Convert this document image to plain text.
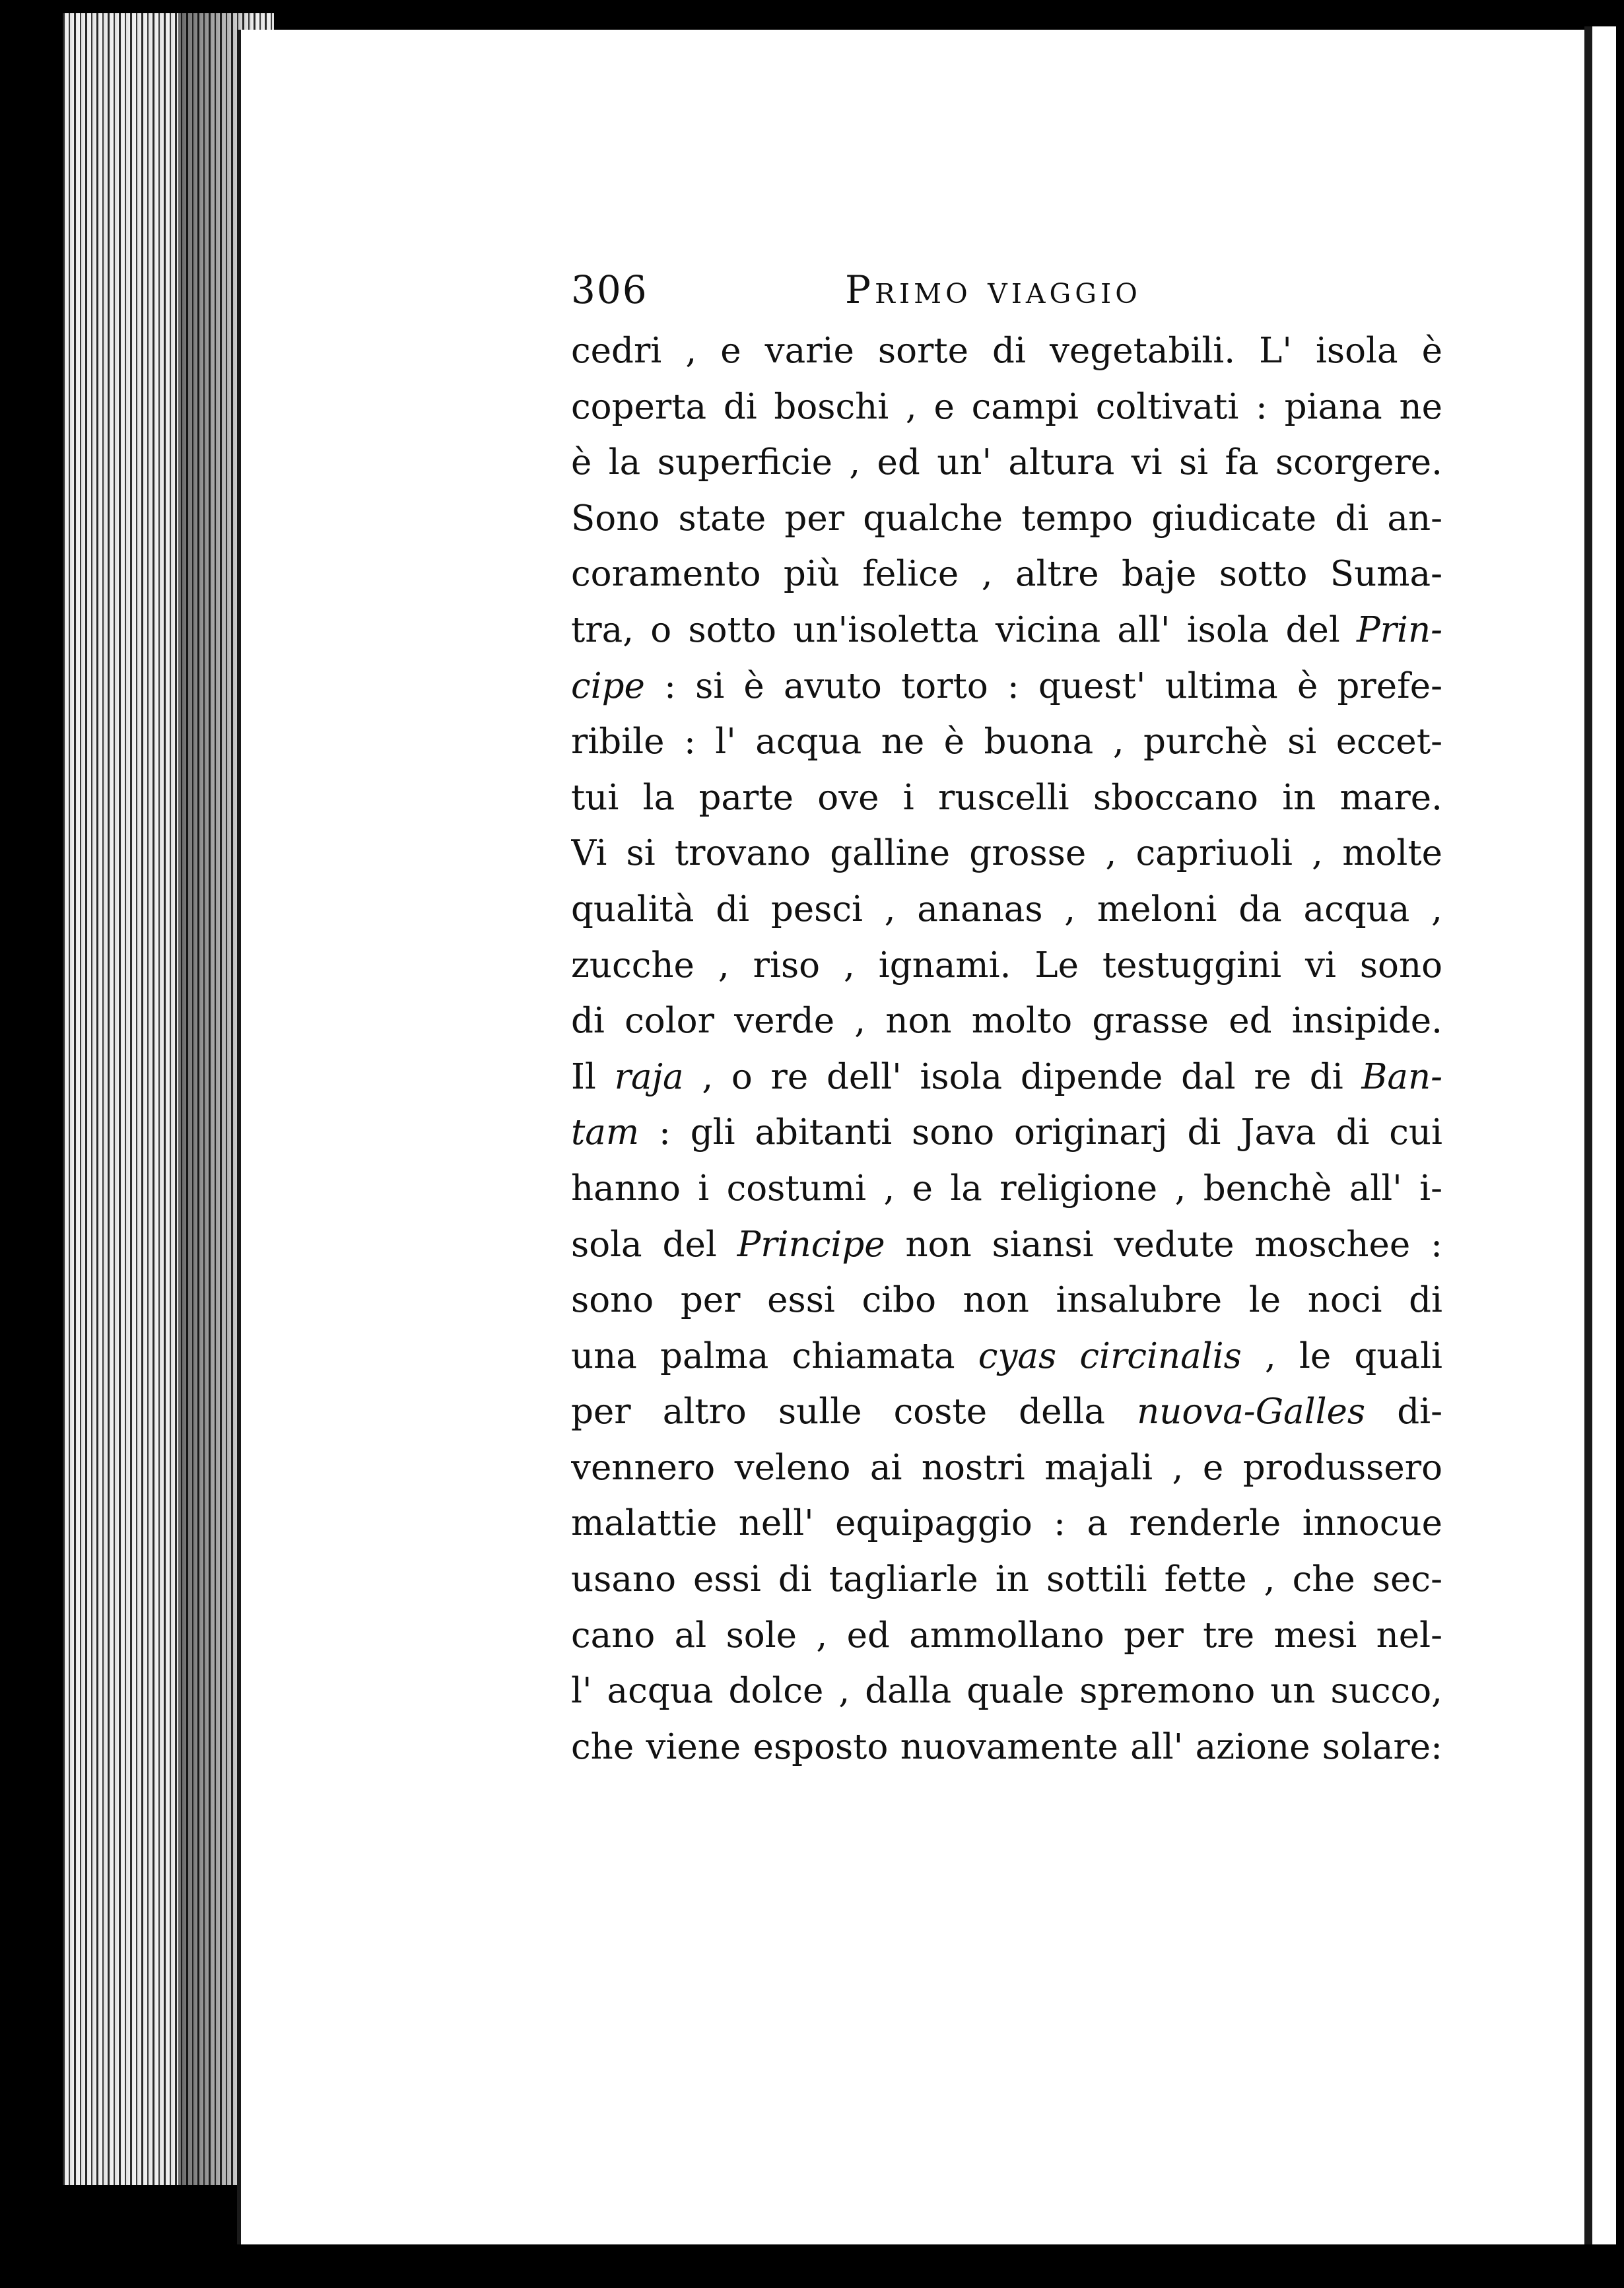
306	Primo viaggio
cedri , e varie sorte di vegetabili. L' isola è
coperta di boschi , e campi coltivati : piana ne
è la superficie , ed un' altura vi si fa scorgere.
Sono state per qualche tempo giudicate di an-
coramento più felice , altre baje sotto Suma-
tra, o sotto un'isoletta vicina all' isola del Prin-
cipe : si è avuto torto : quest' ultima è prefe-
ribile : l' acqua ne è buona , purchè si eccet-
tui la parte ove i ruscelli sboccano in mare.
Vi si trovano galline grosse , capriuoli , molte
qualità di pesci , ananas , meloni da acqua ,
zucche , riso , ignami. Le testuggini vi sono
di color verde , non molto grasse ed insipide.
Il raja , o re dell' isola dipende dal re di Ban-
tam : gli abitanti sono originarj di Java di cui
hanno i costumi , e la religione , benchè all' i-
sola del Principe non siansi vedute moschee :
sono per essi cibo non insalubre le noci di
una palma chiamata cyas circinalis , le quali
per altro sulle coste della nuova-Galles di-
vennero veleno ai nostri majali , e produssero
malattie nell' equipaggio : a renderle innocue
usano essi di tagliarle in sottili fette , che sec-
cano al sole , ed ammollano per tre mesi nel-
l' acqua dolce , dalla quale spremono un succo,
che viene esposto nuovamente all' azione solare:
